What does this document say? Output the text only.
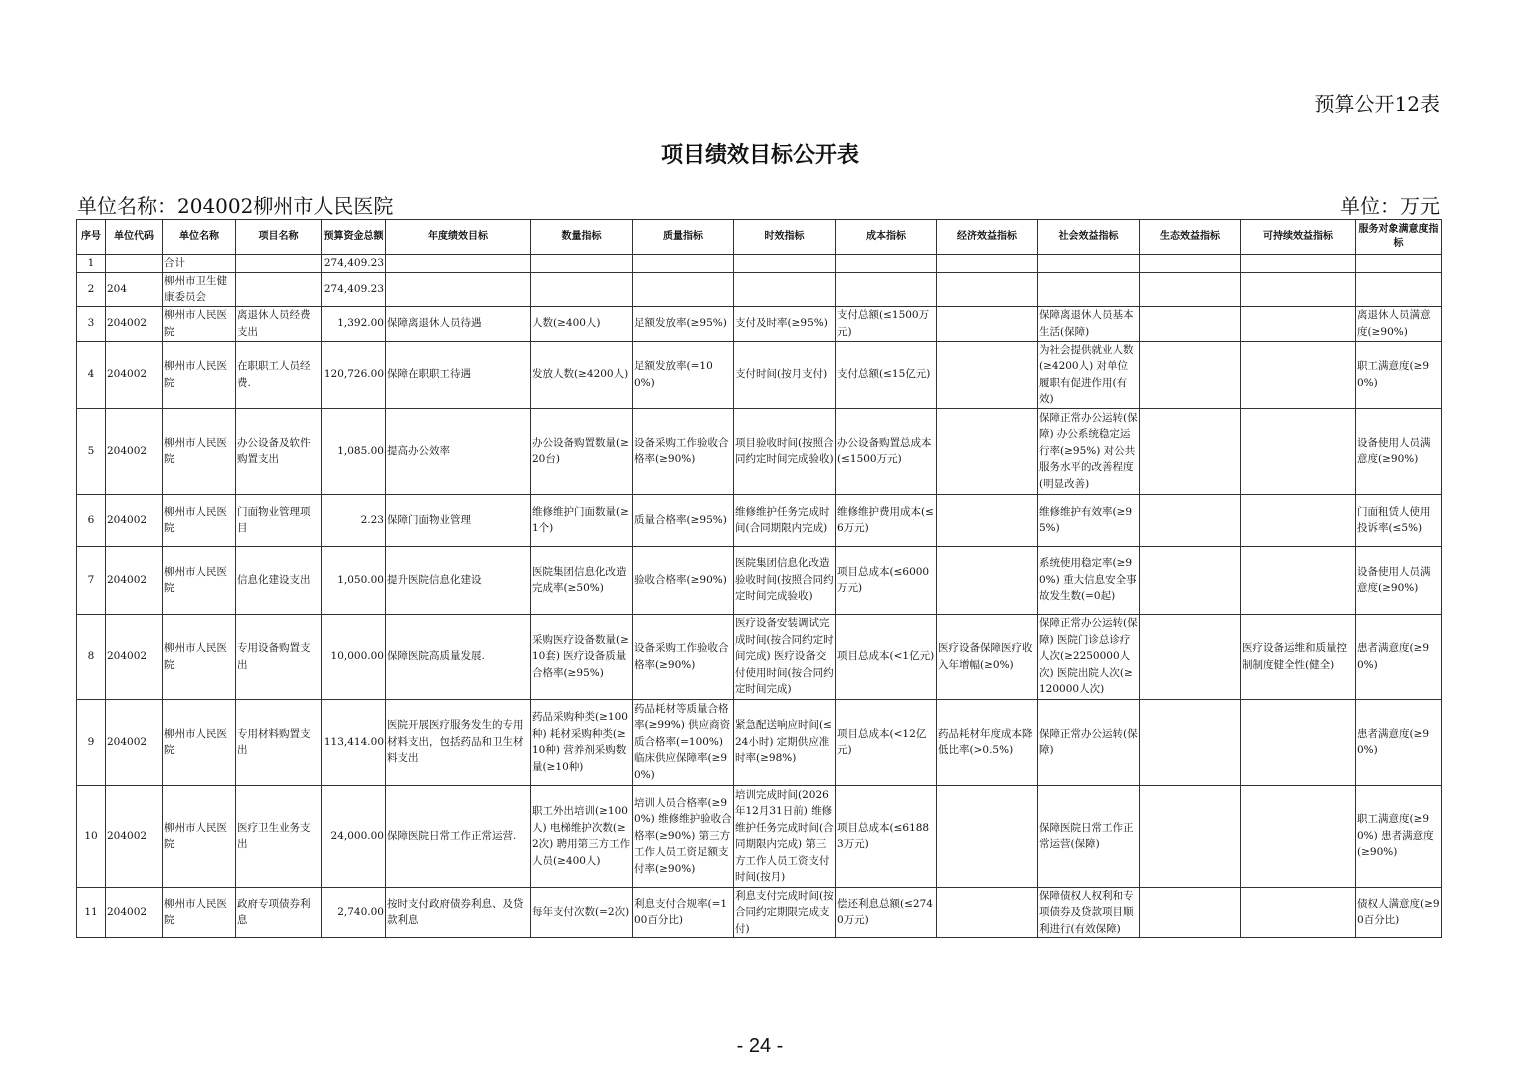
预算公开12表
项目绩效目标公开表
单位名称：204002柳州市人民医院	单位：万元
序号	单位代码	单位名称	项目名称	预算资金总额	年度绩效目标	数量指标	质量指标	时效指标	成本指标	经济效益指标	社会效益指标	生态效益指标	可持续效益指标	服务对象满意度指标
1		合计		274,409.23										
2	204	柳州市卫生健康委员会		274,409.23										
3	204002	柳州市人民医院	离退休人员经费支出	1,392.00	保障离退休人员待遇	人数(≥400人)	足额发放率(≥95%)	支付及时率(≥95%)	支付总额(≤1500万元)		保障离退休人员基本生活(保障)			离退休人员满意度(≥90%)
4	204002	柳州市人民医院	在职职工人员经费.	120,726.00	保障在职职工待遇	发放人数(≥4200人)	足额发放率(=100%)	支付时间(按月支付)	支付总额(≤15亿元)		为社会提供就业人数(≥4200人) 对单位履职有促进作用(有效)			职工满意度(≥90%)
5	204002	柳州市人民医院	办公设备及软件购置支出	1,085.00	提高办公效率	办公设备购置数量(≥20台)	设备采购工作验收合格率(≥90%)	项目验收时间(按照合同约定时间完成验收)	办公设备购置总成本(≤1500万元)		保障正常办公运转(保障) 办公系统稳定运行率(≥95%) 对公共服务水平的改善程度(明显改善)			设备使用人员满意度(≥90%)
6	204002	柳州市人民医院	门面物业管理项目	2.23	保障门面物业管理	维修维护门面数量(≥1个)	质量合格率(≥95%)	维修维护任务完成时间(合同期限内完成)	维修维护费用成本(≤6万元)		维修维护有效率(≥95%)			门面租赁人使用投诉率(≤5%)
7	204002	柳州市人民医院	信息化建设支出	1,050.00	提升医院信息化建设	医院集团信息化改造完成率(≥50%)	验收合格率(≥90%)	医院集团信息化改造验收时间(按照合同约定时间完成验收)	项目总成本(≤6000万元)		系统使用稳定率(≥90%) 重大信息安全事故发生数(=0起)			设备使用人员满意度(≥90%)
8	204002	柳州市人民医院	专用设备购置支出	10,000.00	保障医院高质量发展.	采购医疗设备数量(≥10套) 医疗设备质量合格率(≥95%)	设备采购工作验收合格率(≥90%)	医疗设备安装调试完成时间(按合同约定时间完成) 医疗设备交付使用时间(按合同约定时间完成)	项目总成本(<1亿元)	医疗设备保障医疗收入年增幅(≥0%)	保障正常办公运转(保障) 医院门诊总诊疗人次(≥2250000人次) 医院出院人次(≥120000人次)		医疗设备运维和质量控制制度健全性(健全)	患者满意度(≥90%)
9	204002	柳州市人民医院	专用材料购置支出	113,414.00	医院开展医疗服务发生的专用材料支出，包括药品和卫生材料支出	药品采购种类(≥100种) 耗材采购种类(≥10种) 营养剂采购数量(≥10种)	药品耗材等质量合格率(≥99%) 供应商资质合格率(=100%) 临床供应保障率(≥90%)	紧急配送响应时间(≤24小时) 定期供应准时率(≥98%)	项目总成本(<12亿元)	药品耗材年度成本降低比率(>0.5%)	保障正常办公运转(保障)			患者满意度(≥90%)
10	204002	柳州市人民医院	医疗卫生业务支出	24,000.00	保障医院日常工作正常运营.	职工外出培训(≥100人) 电梯维护次数(≥2次) 聘用第三方工作人员(≥400人)	培训人员合格率(≥90%) 维修维护验收合格率(≥90%) 第三方工作人员工资足额支付率(≥90%)	培训完成时间(2026年12月31日前) 维修维护任务完成时间(合同期限内完成) 第三方工作人员工资支付时间(按月)	项目总成本(≤61883万元)		保障医院日常工作正常运营(保障)			职工满意度(≥90%) 患者满意度(≥90%)
11	204002	柳州市人民医院	政府专项债券利息	2,740.00	按时支付政府债券利息、及贷款利息	每年支付次数(=2次)	利息支付合规率(=100百分比)	利息支付完成时间(按合同约定期限完成支付)	偿还利息总额(≤2740万元)		保障债权人权利和专项债券及贷款项目顺利进行(有效保障)			债权人满意度(≥90百分比)
- 24 -
